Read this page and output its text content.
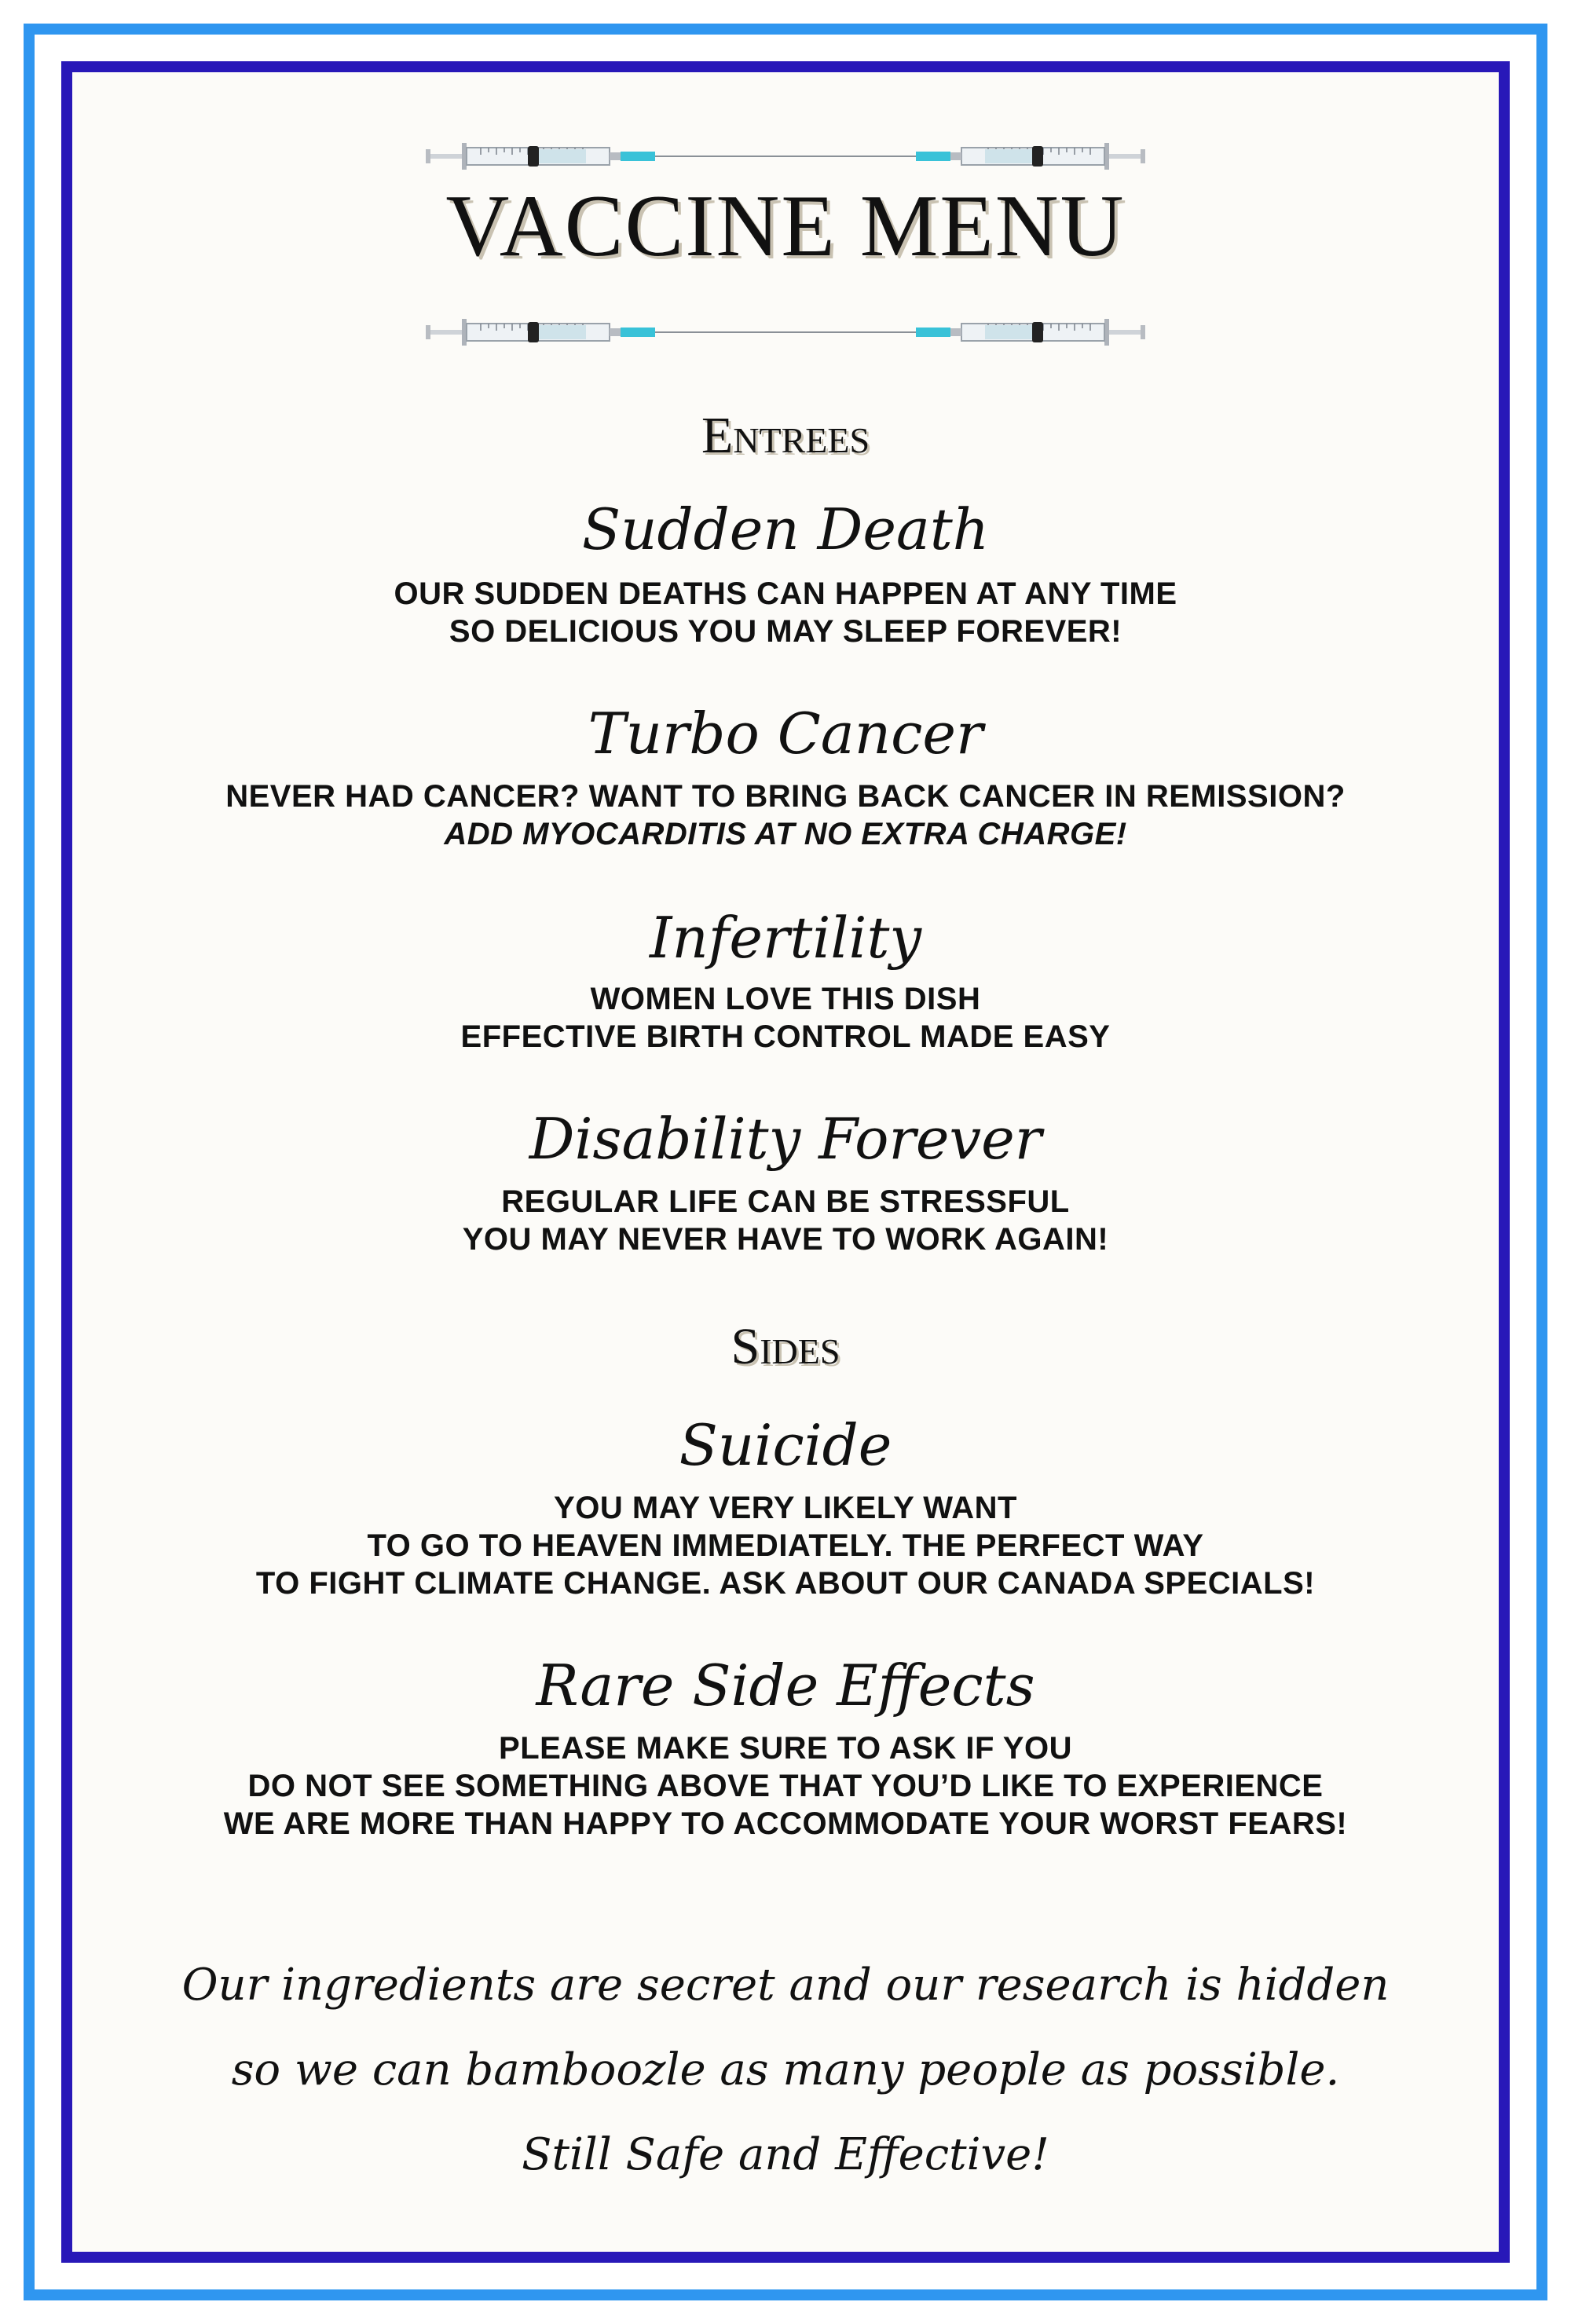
VACCINE MENU
Entrees
Sudden Death
OUR SUDDEN DEATHS CAN HAPPEN AT ANY TIME
SO DELICIOUS YOU MAY SLEEP FOREVER!
Turbo Cancer
NEVER HAD CANCER? WANT TO BRING BACK CANCER IN REMISSION?
ADD MYOCARDITIS AT NO EXTRA CHARGE!
Infertility
WOMEN LOVE THIS DISH
EFFECTIVE BIRTH CONTROL MADE EASY
Disability Forever
REGULAR LIFE CAN BE STRESSFUL
YOU MAY NEVER HAVE TO WORK AGAIN!
Sides
Suicide
YOU MAY VERY LIKELY WANT
TO GO TO HEAVEN IMMEDIATELY. THE PERFECT WAY
TO FIGHT CLIMATE CHANGE. ASK ABOUT OUR CANADA SPECIALS!
Rare Side Effects
PLEASE MAKE SURE TO ASK IF YOU
DO NOT SEE SOMETHING ABOVE THAT YOU’D LIKE TO EXPERIENCE
WE ARE MORE THAN HAPPY TO ACCOMMODATE YOUR WORST FEARS!
Our ingredients are secret and our research is hidden
so we can bamboozle as many people as possible.
Still Safe and Effective!
